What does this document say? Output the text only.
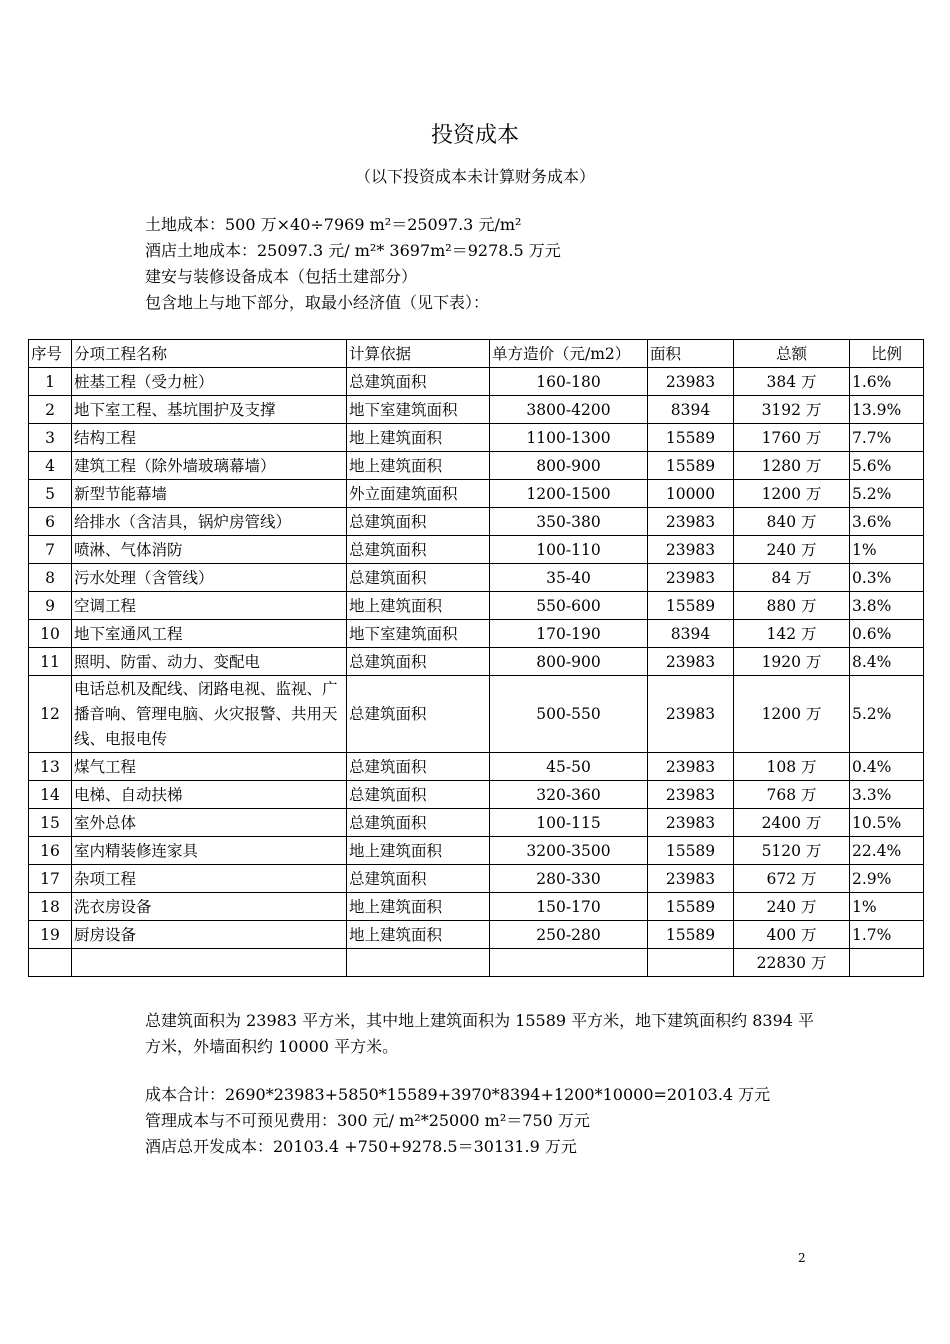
投资成本
（以下投资成本未计算财务成本）
土地成本：500 万×40÷7969 m²＝25097.3 元/m²
酒店土地成本：25097.3 元/ m²* 3697m²＝9278.5 万元
建安与装修设备成本（包括土建部分）
包含地上与地下部分，取最小经济值（见下表）：
序号	分项工程名称	计算依据	单方造价（元/m2）	面积	总额	比例
1	桩基工程（受力桩）	总建筑面积	160-180	23983	384 万	1.6%
2	地下室工程、基坑围护及支撑	地下室建筑面积	3800-4200	8394	3192 万	13.9%
3	结构工程	地上建筑面积	1100-1300	15589	1760 万	7.7%
4	建筑工程（除外墙玻璃幕墙）	地上建筑面积	800-900	15589	1280 万	5.6%
5	新型节能幕墙	外立面建筑面积	1200-1500	10000	1200 万	5.2%
6	给排水（含洁具，锅炉房管线）	总建筑面积	350-380	23983	840 万	3.6%
7	喷淋、气体消防	总建筑面积	100-110	23983	240 万	1%
8	污水处理（含管线）	总建筑面积	35-40	23983	84 万	0.3%
9	空调工程	地上建筑面积	550-600	15589	880 万	3.8%
10	地下室通风工程	地下室建筑面积	170-190	8394	142 万	0.6%
11	照明、防雷、动力、变配电	总建筑面积	800-900	23983	1920 万	8.4%
12	电话总机及配线、闭路电视、监视、广播音响、管理电脑、火灾报警、共用天线、电报电传	总建筑面积	500-550	23983	1200 万	5.2%
13	煤气工程	总建筑面积	45-50	23983	108 万	0.4%
14	电梯、自动扶梯	总建筑面积	320-360	23983	768 万	3.3%
15	室外总体	总建筑面积	100-115	23983	2400 万	10.5%
16	室内精装修连家具	地上建筑面积	3200-3500	15589	5120 万	22.4%
17	杂项工程	总建筑面积	280-330	23983	672 万	2.9%
18	洗衣房设备	地上建筑面积	150-170	15589	240 万	1%
19	厨房设备	地上建筑面积	250-280	15589	400 万	1.7%
					22830 万	

总建筑面积为 23983 平方米，其中地上建筑面积为 15589 平方米，地下建筑面积约 8394 平方米，外墙面积约 10000 平方米。

成本合计：2690*23983+5850*15589+3970*8394+1200*10000=20103.4 万元
管理成本与不可预见费用：300 元/ m²*25000 m²＝750 万元
酒店总开发成本：20103.4 +750+9278.5＝30131.9 万元
2
